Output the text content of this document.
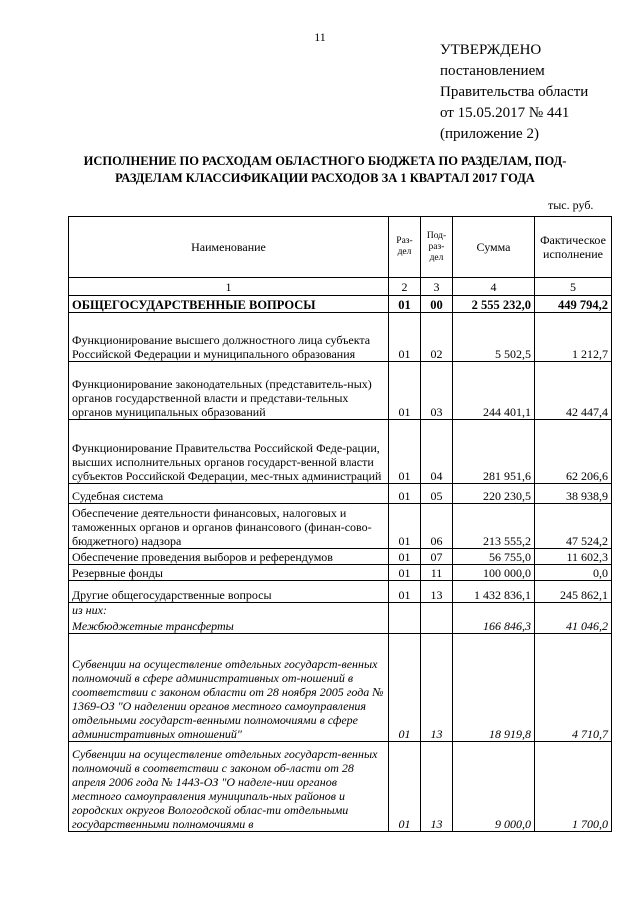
11
УТВЕРЖДЕНО
постановлением
Правительства области
от 15.05.2017 № 441
(приложение 2)
ИСПОЛНЕНИЕ ПО РАСХОДАМ ОБЛАСТНОГО БЮДЖЕТА ПО РАЗДЕЛАМ, ПОД-
РАЗДЕЛАМ КЛАССИФИКАЦИИ РАСХОДОВ ЗА 1 КВАРТАЛ 2017 ГОДА
тыс. руб.
Наименование	Раз-дел	Под-раз-дел	Сумма	Фактическое исполнение
1	2	3	4	5
ОБЩЕГОСУДАРСТВЕННЫЕ ВОПРОСЫ	01	00	2 555 232,0	449 794,2
Функционирование высшего должностного лица субъекта Российской Федерации и муниципального образования	01	02	5 502,5	1 212,7
Функционирование законодательных (представитель-ных) органов государственной власти и представи-тельных органов муниципальных образований	01	03	244 401,1	42 447,4
Функционирование Правительства Российской Феде-рации, высших исполнительных органов государст-венной власти субъектов Российской Федерации, мес-тных администраций	01	04	281 951,6	62 206,6
Судебная система	01	05	220 230,5	38 938,9
Обеспечение деятельности финансовых, налоговых и таможенных органов и органов финансового (финан-сово-бюджетного) надзора	01	06	213 555,2	47 524,2
Обеспечение проведения выборов и референдумов	01	07	56 755,0	11 602,3
Резервные фонды	01	11	100 000,0	0,0
Другие общегосударственные вопросы	01	13	1 432 836,1	245 862,1
из них:				
Межбюджетные трансферты			166 846,3	41 046,2
Субвенции на осуществление отдельных государст-венных полномочий в сфере административных от-ношений в соответствии с законом области от 28 ноября 2005 года № 1369-ОЗ "О наделении органов местного самоуправления отдельными государст-венными полномочиями в сфере административных отношений"	01	13	18 919,8	4 710,7
Субвенции на осуществление отдельных государст-венных полномочий в соответствии с законом об-ласти от 28 апреля 2006 года № 1443-ОЗ "О наделе-нии органов местного самоуправления муниципаль-ных районов и городских округов Вологодской облас-ти отдельными государственными полномочиями в	01	13	9 000,0	1 700,0
